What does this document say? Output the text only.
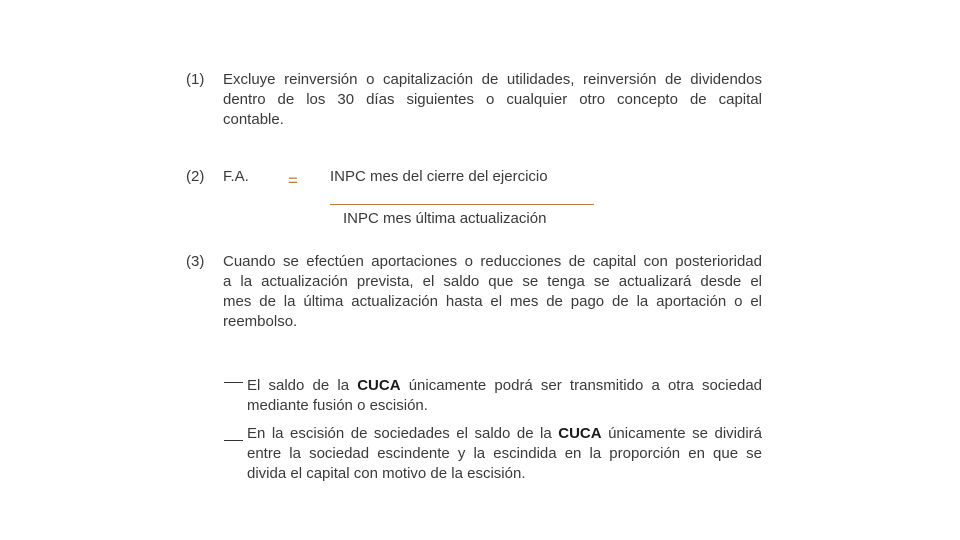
(1) Excluye reinversión o capitalización de utilidades, reinversión de dividendos
dentro de los 30 días siguientes o cualquier otro concepto de capital
contable.
(2) F.A. = INPC mes del cierre del ejercicio
INPC mes última actualización
(3) Cuando se efectúen aportaciones o reducciones de capital con posterioridad
a la actualización prevista, el saldo que se tenga se actualizará desde el
mes de la última actualización hasta el mes de pago de la aportación o el
reembolso.
El saldo de la CUCA únicamente podrá ser transmitido a otra sociedad
mediante fusión o escisión.
En la escisión de sociedades el saldo de la CUCA únicamente se dividirá
entre la sociedad escindente y la escindida en la proporción en que se
divida el capital con motivo de la escisión.
